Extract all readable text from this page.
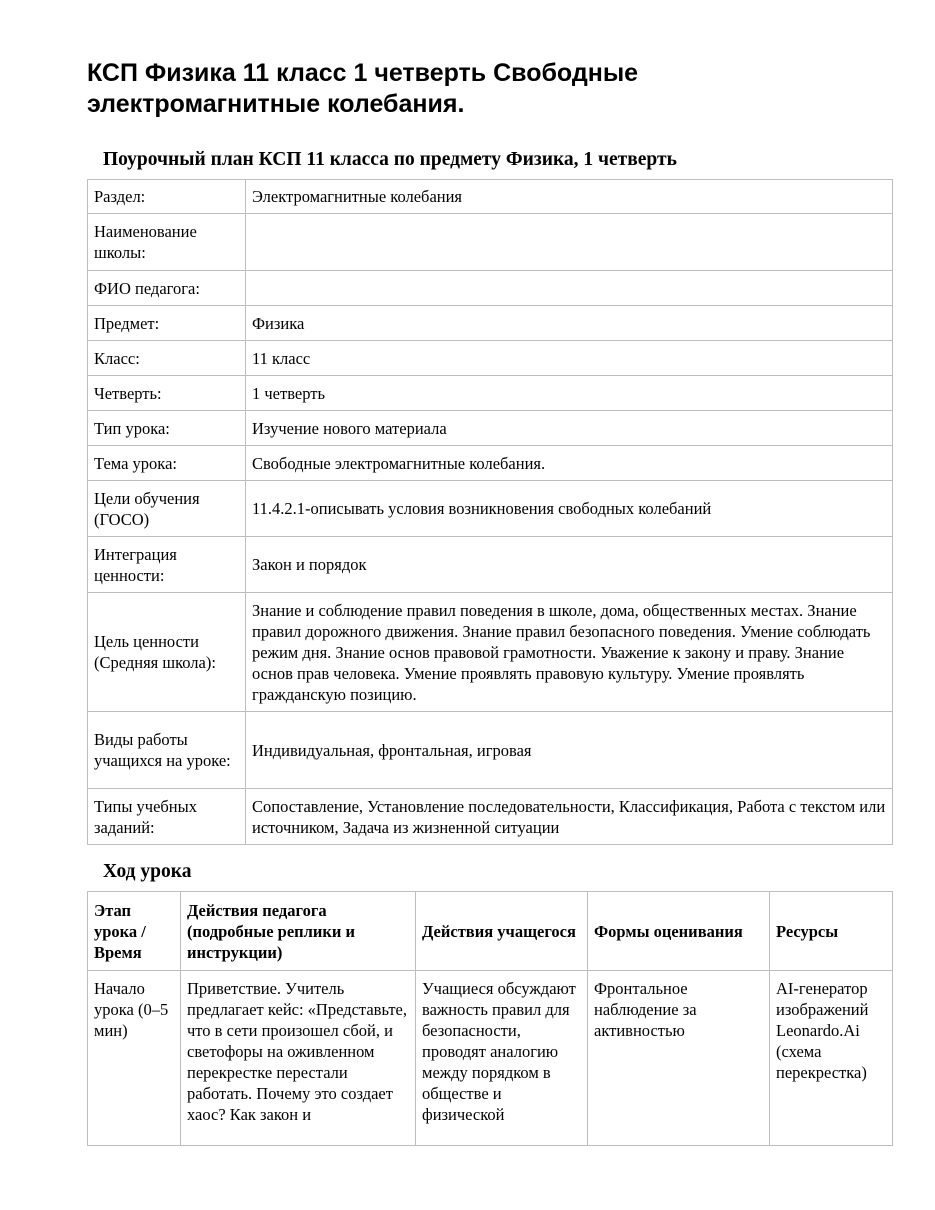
КСП Физика 11 класс 1 четверть Свободные электромагнитные колебания.

Поурочный план КСП 11 класса по предмету Физика, 1 четверть

Раздел:	Электромагнитные колебания
Наименование школы:	
ФИО педагога:	
Предмет:	Физика
Класс:	11 класс
Четверть:	1 четверть
Тип урока:	Изучение нового материала
Тема урока:	Свободные электромагнитные колебания.
Цели обучения (ГОСО)	11.4.2.1-описывать условия возникновения свободных колебаний
Интеграция ценности:	Закон и порядок
Цель ценности (Средняя школа):	Знание и соблюдение правил поведения в школе, дома, общественных местах. Знание правил дорожного движения. Знание правил безопасного поведения. Умение соблюдать режим дня. Знание основ правовой грамотности. Уважение к закону и праву. Знание основ прав человека. Умение проявлять правовую культуру. Умение проявлять гражданскую позицию.
Виды работы учащихся на уроке:	Индивидуальная, фронтальная, игровая
Типы учебных заданий:	Сопоставление, Установление последовательности, Классификация, Работа с текстом или источником, Задача из жизненной ситуации

Ход урока

Этап урока / Время	Действия педагога (подробные реплики и инструкции)	Действия учащегося	Формы оценивания	Ресурсы
Начало урока (0–5 мин)	Приветствие. Учитель предлагает кейс: «Представьте, что в сети произошел сбой, и светофоры на оживленном перекрестке перестали работать. Почему это создает хаос? Как закон и	Учащиеся обсуждают важность правил для безопасности, проводят аналогию между порядком в обществе и физической	Фронтальное наблюдение за активностью	AI-генератор изображений Leonardo.Ai (схема перекрестка)
